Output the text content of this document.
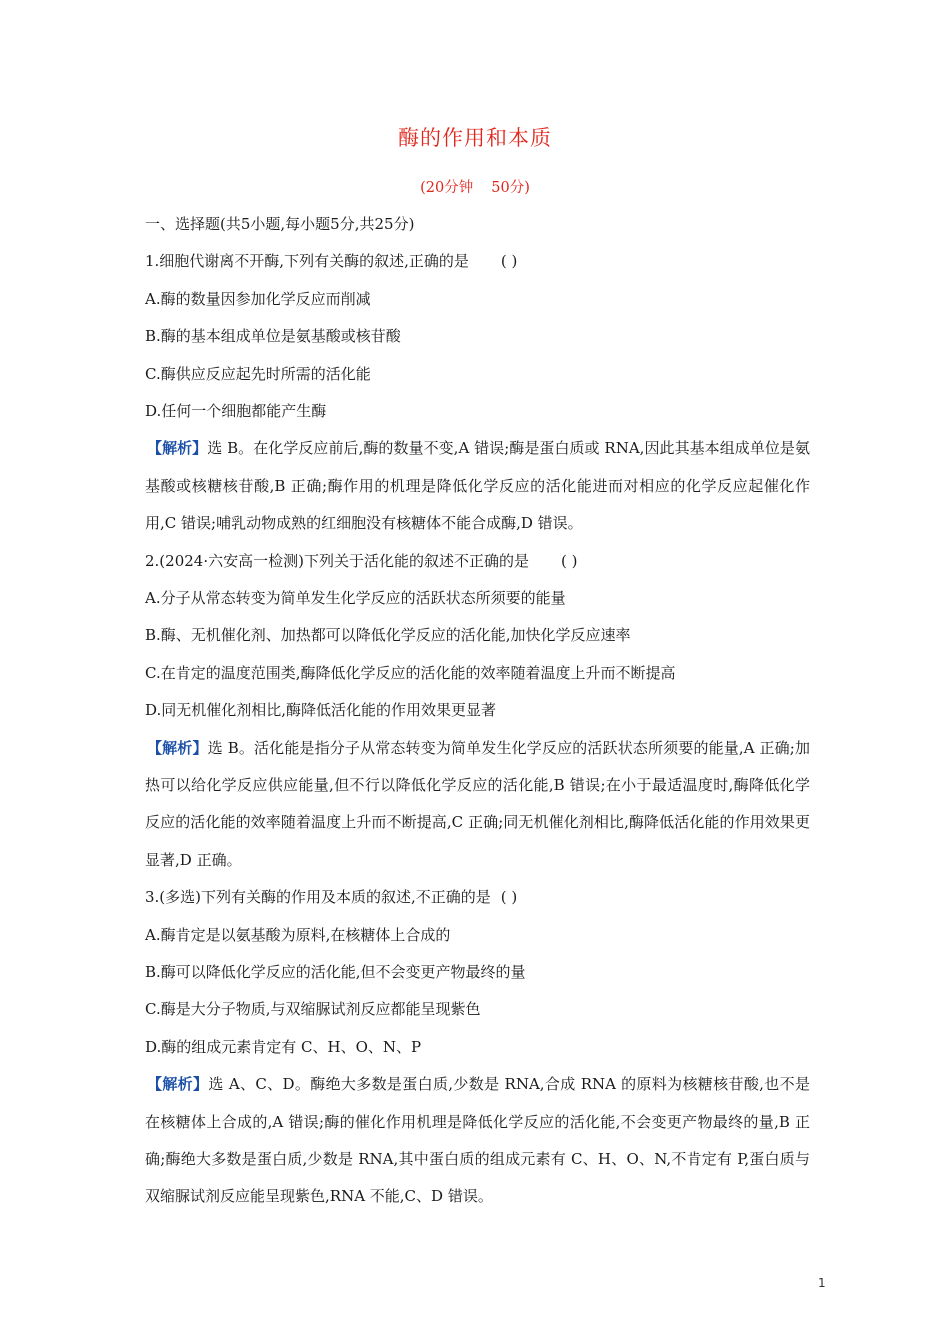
酶的作用和本质
(20分钟 50分)
一、选择题(共5小题,每小题5分,共25分)
1.细胞代谢离不开酶,下列有关酶的叙述,正确的是 ( )
A.酶的数量因参加化学反应而削减
B.酶的基本组成单位是氨基酸或核苷酸
C.酶供应反应起先时所需的活化能
D.任何一个细胞都能产生酶
【解析】选 B。在化学反应前后,酶的数量不变,A 错误;酶是蛋白质或 RNA,因此其基本组成单位是氨基酸或核糖核苷酸,B 正确;酶作用的机理是降低化学反应的活化能进而对相应的化学反应起催化作用,C 错误;哺乳动物成熟的红细胞没有核糖体不能合成酶,D 错误。
2.(2024·六安高一检测)下列关于活化能的叙述不正确的是 ( )
A.分子从常态转变为简单发生化学反应的活跃状态所须要的能量
B.酶、无机催化剂、加热都可以降低化学反应的活化能,加快化学反应速率
C.在肯定的温度范围类,酶降低化学反应的活化能的效率随着温度上升而不断提高
D.同无机催化剂相比,酶降低活化能的作用效果更显著
【解析】选 B。活化能是指分子从常态转变为简单发生化学反应的活跃状态所须要的能量,A 正确;加热可以给化学反应供应能量,但不行以降低化学反应的活化能,B 错误;在小于最适温度时,酶降低化学反应的活化能的效率随着温度上升而不断提高,C 正确;同无机催化剂相比,酶降低活化能的作用效果更显著,D 正确。
3.(多选)下列有关酶的作用及本质的叙述,不正确的是 ( )
A.酶肯定是以氨基酸为原料,在核糖体上合成的
B.酶可以降低化学反应的活化能,但不会变更产物最终的量
C.酶是大分子物质,与双缩脲试剂反应都能呈现紫色
D.酶的组成元素肯定有 C、H、O、N、P
【解析】选 A、C、D。酶绝大多数是蛋白质,少数是 RNA,合成 RNA 的原料为核糖核苷酸,也不是在核糖体上合成的,A 错误;酶的催化作用机理是降低化学反应的活化能,不会变更产物最终的量,B 正确;酶绝大多数是蛋白质,少数是 RNA,其中蛋白质的组成元素有 C、H、O、N,不肯定有 P,蛋白质与双缩脲试剂反应能呈现紫色,RNA 不能,C、D 错误。
1
